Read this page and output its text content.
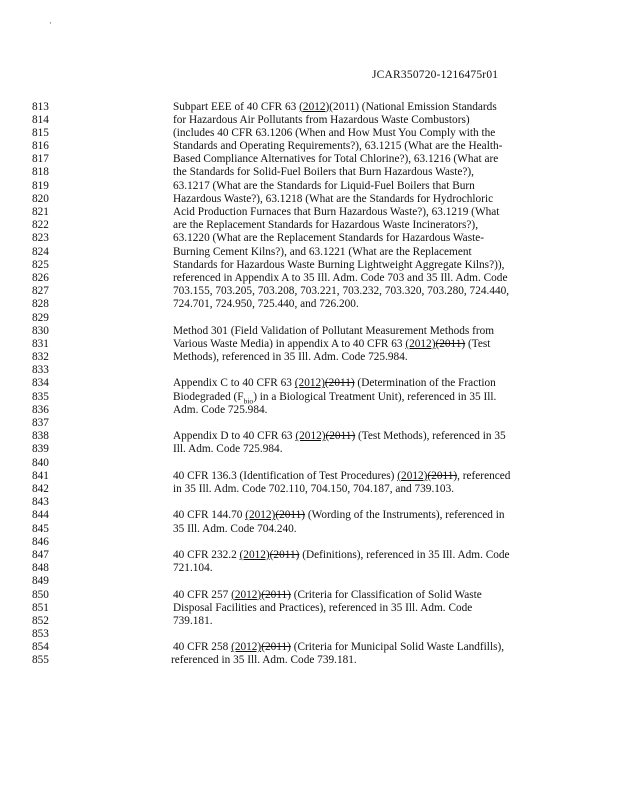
·
JCAR350720-1216475r01
813	Subpart EEE of 40 CFR 63 (2012)(2011) (National Emission Standards
814	for Hazardous Air Pollutants from Hazardous Waste Combustors)
815	(includes 40 CFR 63.1206 (When and How Must You Comply with the
816	Standards and Operating Requirements?), 63.1215 (What are the Health-
817	Based Compliance Alternatives for Total Chlorine?), 63.1216 (What are
818	the Standards for Solid-Fuel Boilers that Burn Hazardous Waste?),
819	63.1217 (What are the Standards for Liquid-Fuel Boilers that Burn
820	Hazardous Waste?), 63.1218 (What are the Standards for Hydrochloric
821	Acid Production Furnaces that Burn Hazardous Waste?), 63.1219 (What
822	are the Replacement Standards for Hazardous Waste Incinerators?),
823	63.1220 (What are the Replacement Standards for Hazardous Waste-
824	Burning Cement Kilns?), and 63.1221 (What are the Replacement
825	Standards for Hazardous Waste Burning Lightweight Aggregate Kilns?)),
826	referenced in Appendix A to 35 Ill. Adm. Code 703 and 35 Ill. Adm. Code
827	703.155, 703.205, 703.208, 703.221, 703.232, 703.320, 703.280, 724.440,
828	724.701, 724.950, 725.440, and 726.200.
829
830	Method 301 (Field Validation of Pollutant Measurement Methods from
831	Various Waste Media) in appendix A to 40 CFR 63 (2012)(2011) (Test
832	Methods), referenced in 35 Ill. Adm. Code 725.984.
833
834	Appendix C to 40 CFR 63 (2012)(2011) (Determination of the Fraction
835	Biodegraded $(F_{bio})$ in a Biological Treatment Unit), referenced in 35 Ill.
836	Adm. Code 725.984.
837
838	Appendix D to 40 CFR 63 (2012)(2011) (Test Methods), referenced in 35
839	Ill. Adm. Code 725.984.
840
841	40 CFR 136.3 (Identification of Test Procedures) (2012)(2011), referenced
842	in 35 Ill. Adm. Code 702.110, 704.150, 704.187, and 739.103.
843
844	40 CFR 144.70 (2012)(2011) (Wording of the Instruments), referenced in
845	35 Ill. Adm. Code 704.240.
846
847	40 CFR 232.2 (2012)(2011) (Definitions), referenced in 35 Ill. Adm. Code
848	721.104.
849
850	40 CFR 257 (2012)(2011) (Criteria for Classification of Solid Waste
851	Disposal Facilities and Practices), referenced in 35 Ill. Adm. Code
852	739.181.
853
854	40 CFR 258 (2012)(2011) (Criteria for Municipal Solid Waste Landfills),
855	referenced in 35 Ill. Adm. Code 739.181.
